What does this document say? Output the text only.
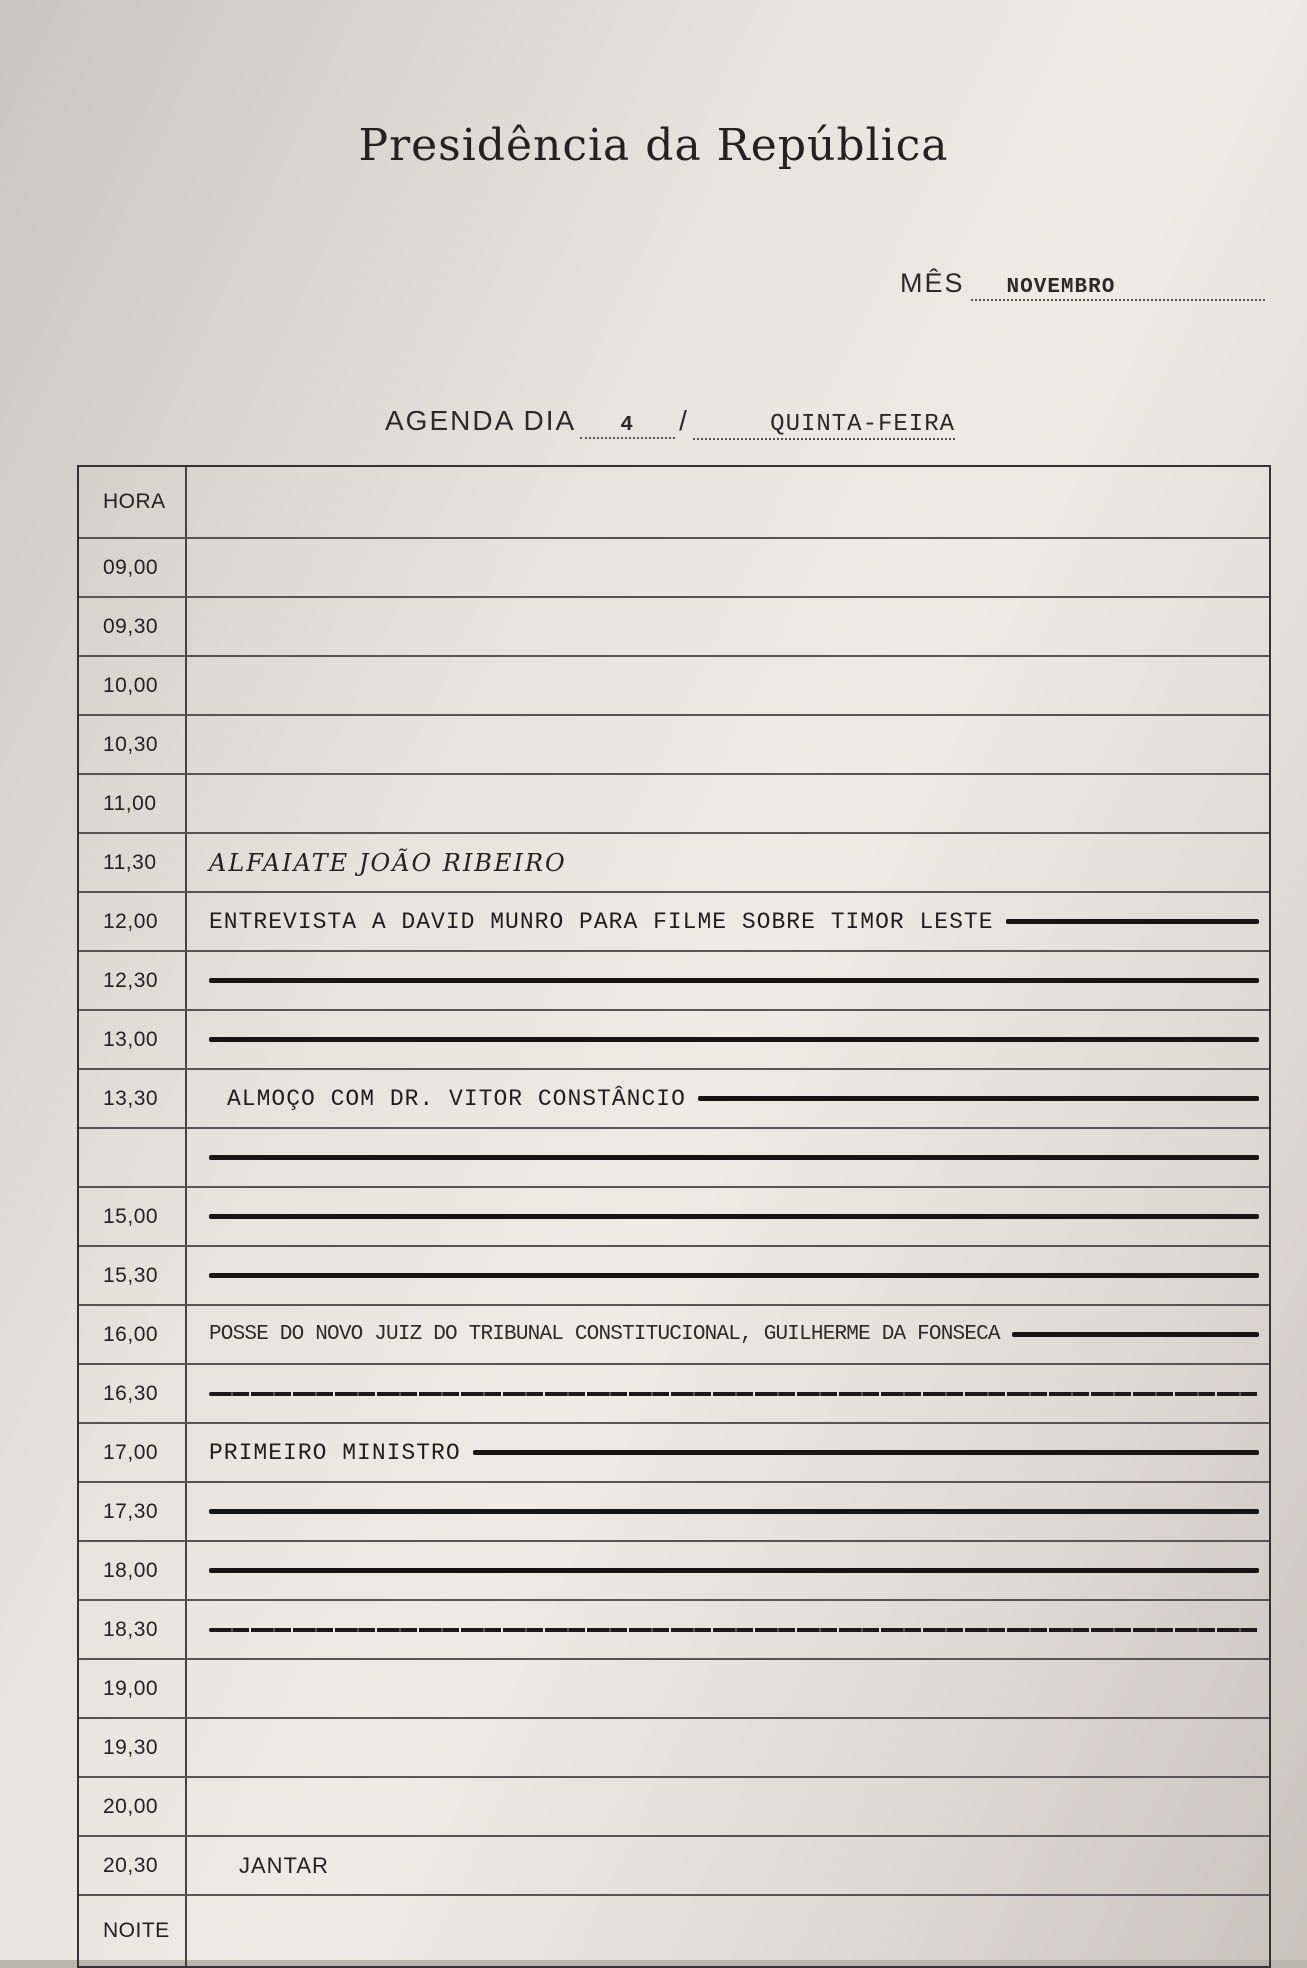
Presidência da República
MÊS	NOVEMBRO
AGENDA DIA	4	/	QUINTA-FEIRA
HORA
09,00
09,30
10,00
10,30
11,00
11,30	ALFAIATE JOÃO RIBEIRO
12,00	ENTREVISTA A DAVID MUNRO PARA FILME SOBRE TIMOR LESTE
12,30
13,00
13,30	ALMOÇO COM DR. VITOR CONSTÂNCIO
15,00
15,30
16,00	POSSE DO NOVO JUIZ DO TRIBUNAL CONSTITUCIONAL, GUILHERME DA FONSECA
16,30
17,00	PRIMEIRO MINISTRO
17,30
18,00
18,30
19,00
19,30
20,00
20,30	JANTAR
NOITE
